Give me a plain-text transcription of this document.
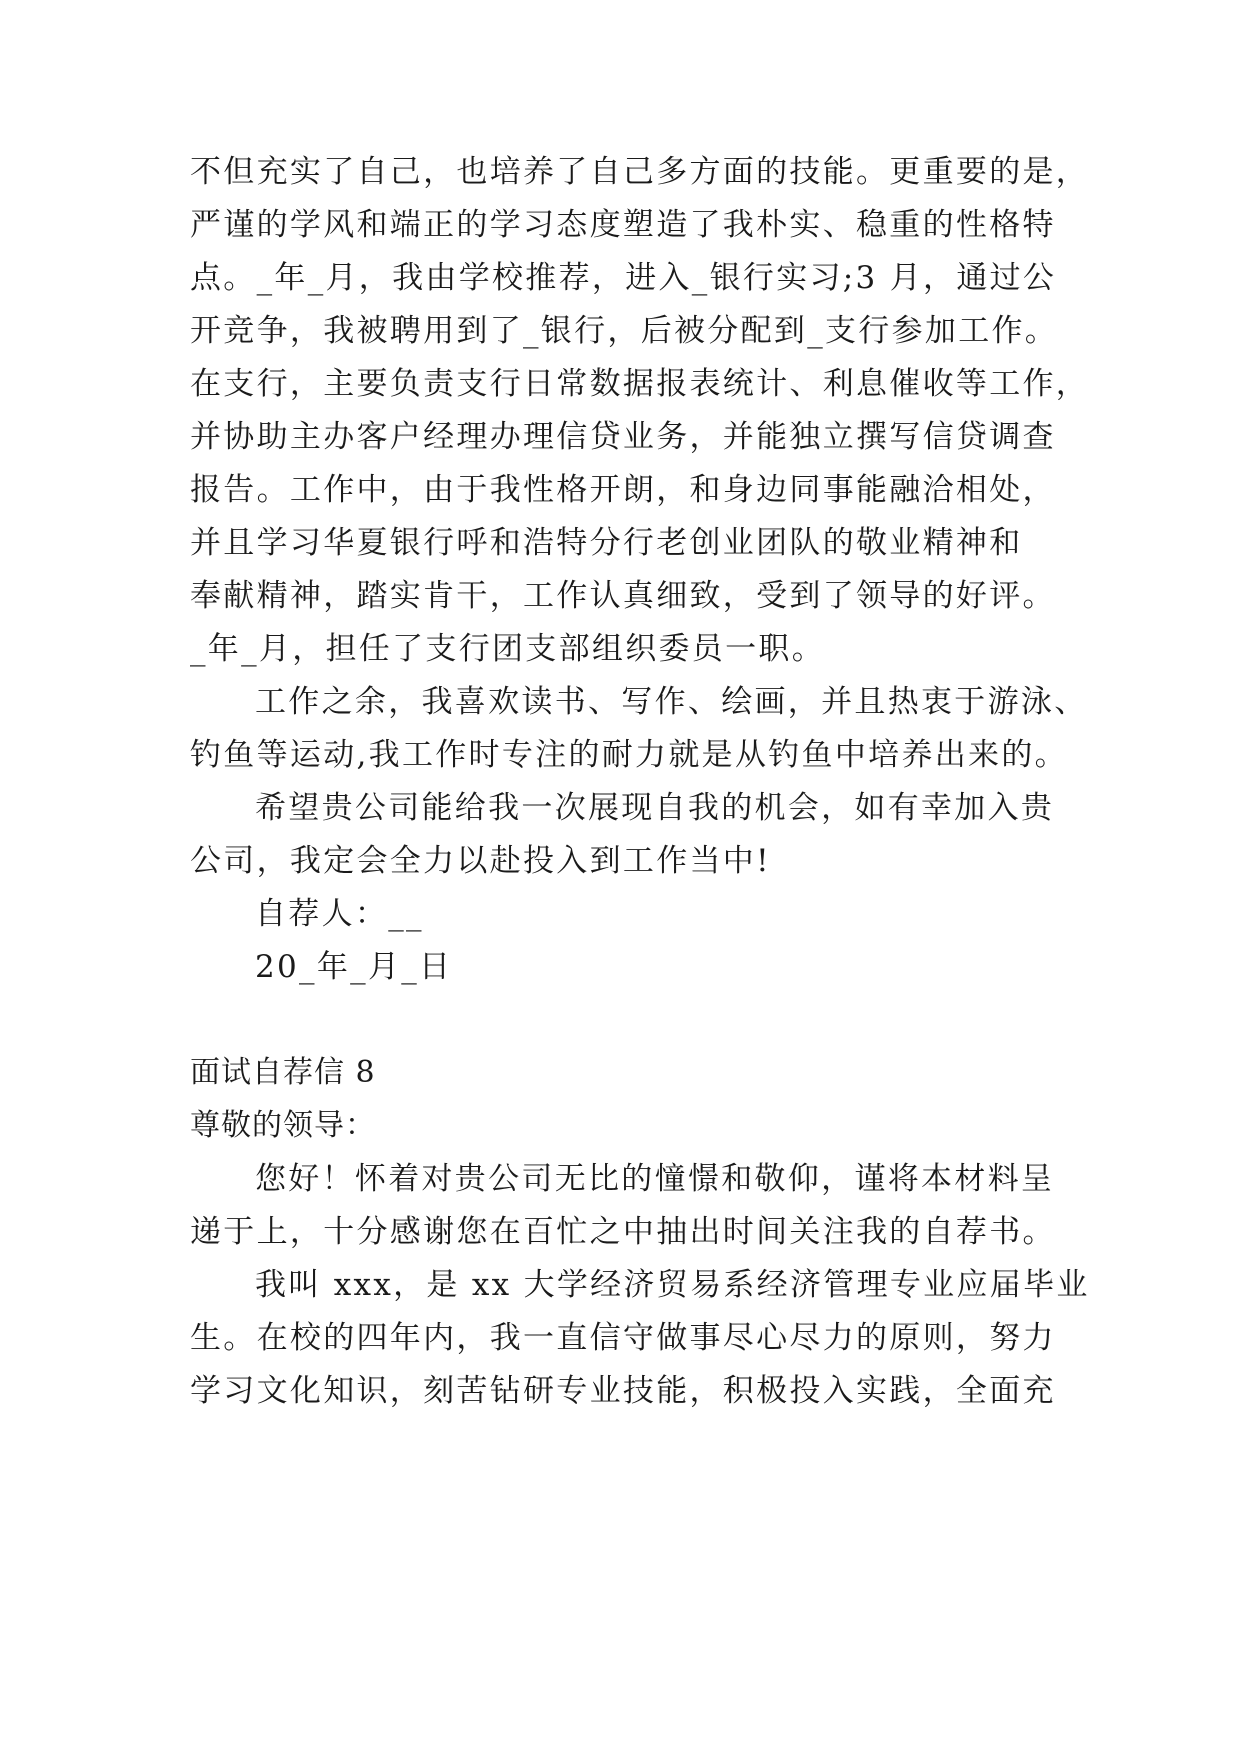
不但充实了自己，也培养了自己多方面的技能。更重要的是，
严谨的学风和端正的学习态度塑造了我朴实、稳重的性格特
点。_年_月，我由学校推荐，进入_银行实习;3 月，通过公
开竞争，我被聘用到了_银行，后被分配到_支行参加工作。
在支行，主要负责支行日常数据报表统计、利息催收等工作，
并协助主办客户经理办理信贷业务，并能独立撰写信贷调查
报告。工作中，由于我性格开朗，和身边同事能融洽相处，
并且学习华夏银行呼和浩特分行老创业团队的敬业精神和
奉献精神，踏实肯干，工作认真细致，受到了领导的好评。
_年_月，担任了支行团支部组织委员一职。
工作之余，我喜欢读书、写作、绘画，并且热衷于游泳、
钓鱼等运动,我工作时专注的耐力就是从钓鱼中培养出来的。
希望贵公司能给我一次展现自我的机会，如有幸加入贵
公司，我定会全力以赴投入到工作当中!
自荐人：__
20_年_月_日
面试自荐信 8
尊敬的领导：
您好！怀着对贵公司无比的憧憬和敬仰，谨将本材料呈
递于上，十分感谢您在百忙之中抽出时间关注我的自荐书。
我叫 xxx，是 xx 大学经济贸易系经济管理专业应届毕业
生。在校的四年内，我一直信守做事尽心尽力的原则，努力
学习文化知识，刻苦钻研专业技能，积极投入实践，全面充
